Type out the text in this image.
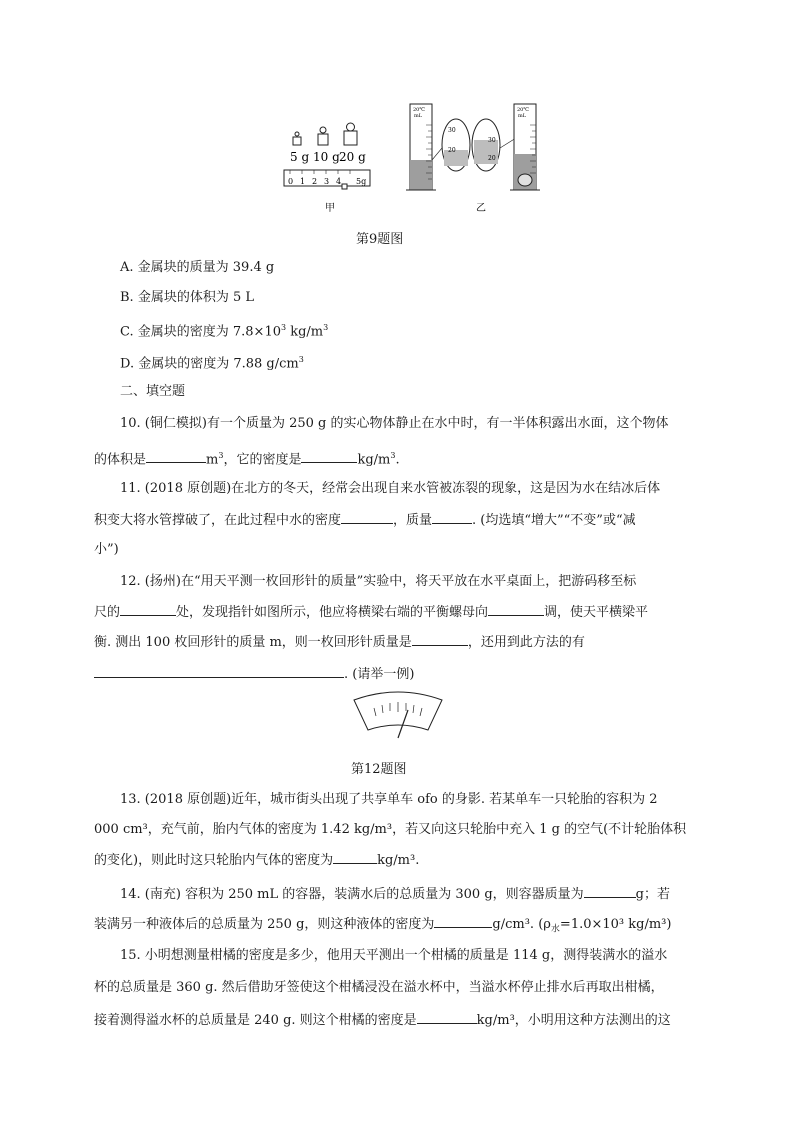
5 g 10 g 20 g
0 1 2 3 4 5g
甲
20℃
mL
30
20
30
20
20℃
mL
乙
第9题图
A. 金属块的质量为 39.4 g
B. 金属块的体积为 5 L
C. 金属块的密度为 $7.8\times 10^3$ $kg/m^3$
D. 金属块的密度为 7.88 $g/cm^3$
二、填空题
10. (铜仁模拟)有一个质量为 250 g 的实心物体静止在水中时，有一半体积露出水面，这个物体
的体积是	$m^3$，它的密度是	$kg/m^3$.
11. (2018 原创题)在北方的冬天，经常会出现自来水管被冻裂的现象，这是因为水在结冰后体
积变大将水管撑破了，在此过程中水的密度	，质量	. (均选填“增大”“不变”或“减
小”)
12. (扬州)在“用天平测一枚回形针的质量”实验中，将天平放在水平桌面上，把游码移至标
尺的	处，发现指针如图所示，他应将横梁右端的平衡螺母向	调，使天平横梁平
衡. 测出 100 枚回形针的质量 m，则一枚回形针质量是	，还用到此方法的有
. (请举一例)
第12题图
13. (2018 原创题)近年，城市街头出现了共享单车 ofo 的身影. 若某单车一只轮胎的容积为 2
000 cm³，充气前，胎内气体的密度为 1.42 kg/m³，若又向这只轮胎中充入 1 g 的空气(不计轮胎体积
的变化)，则此时这只轮胎内气体的密度为	kg/m³.
14. (南充) 容积为 250 mL 的容器，装满水后的总质量为 300 g，则容器质量为	g；若
装满另一种液体后的总质量为 250 g，则这种液体的密度为	g/cm³. ($\rho_水=1.0\times 10^3$ kg/m³)
15. 小明想测量柑橘的密度是多少，他用天平测出一个柑橘的质量是 114 g，测得装满水的溢水
杯的总质量是 360 g. 然后借助牙签使这个柑橘浸没在溢水杯中，当溢水杯停止排水后再取出柑橘，
接着测得溢水杯的总质量是 240 g. 则这个柑橘的密度是	kg/m³，小明用这种方法测出的这
